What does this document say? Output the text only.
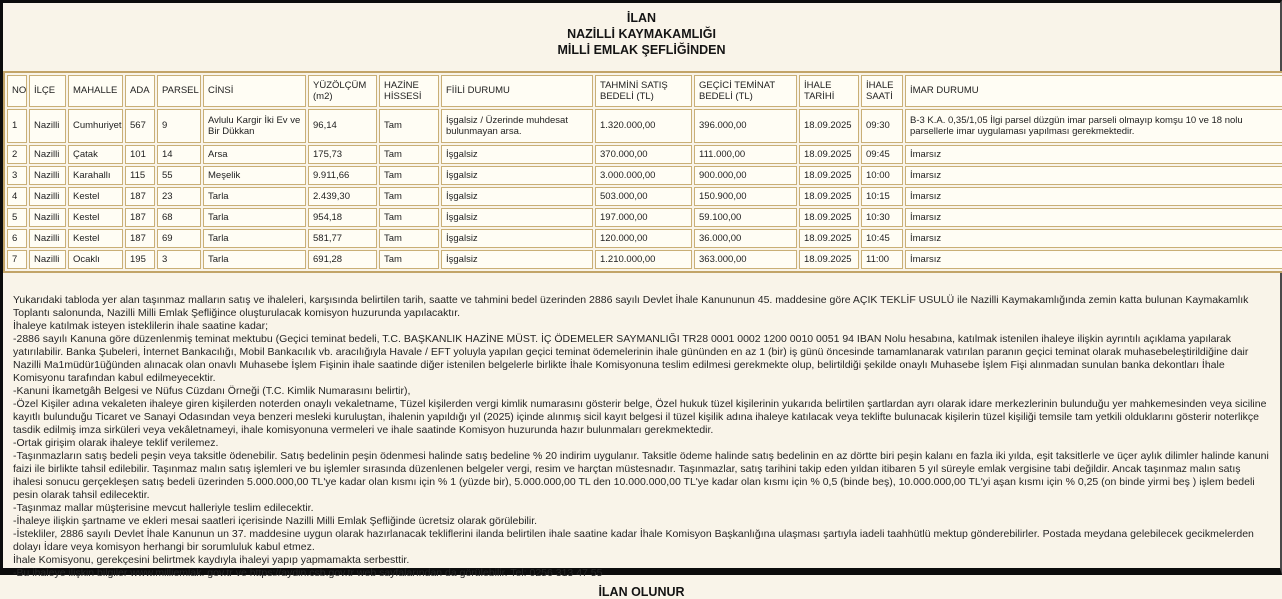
İLAN
NAZİLLİ KAYMAKAMLIĞI
MİLLİ EMLAK ŞEFLİĞİNDEN
NO	İLÇE	MAHALLE	ADA	PARSEL	CİNSİ	YÜZÖLÇÜM (m2)	HAZİNE HİSSESİ	FİİLİ DURUMU	TAHMİNİ SATIŞ BEDELİ (TL)	GEÇİCİ TEMİNAT BEDELİ (TL)	İHALE TARİHİ	İHALE SAATİ	İMAR DURUMU
1	Nazilli	Cumhuriyet	567	9	Avlulu Kargir İki Ev ve Bir Dükkan	96,14	Tam	İşgalsiz / Üzerinde muhdesat bulunmayan arsa.	1.320.000,00	396.000,00	18.09.2025	09:30	B-3 K.A. 0,35/1,05 İlgi parsel düzgün imar parseli olmayıp komşu 10 ve 18 nolu parsellerle imar uygulaması yapılması gerekmektedir.
2	Nazilli	Çatak	101	14	Arsa	175,73	Tam	İşgalsiz	370.000,00	111.000,00	18.09.2025	09:45	İmarsız
3	Nazilli	Karahallı	115	55	Meşelik	9.911,66	Tam	İşgalsiz	3.000.000,00	900.000,00	18.09.2025	10:00	İmarsız
4	Nazilli	Kestel	187	23	Tarla	2.439,30	Tam	İşgalsiz	503.000,00	150.900,00	18.09.2025	10:15	İmarsız
5	Nazilli	Kestel	187	68	Tarla	954,18	Tam	İşgalsiz	197.000,00	59.100,00	18.09.2025	10:30	İmarsız
6	Nazilli	Kestel	187	69	Tarla	581,77	Tam	İşgalsiz	120.000,00	36.000,00	18.09.2025	10:45	İmarsız
7	Nazilli	Ocaklı	195	3	Tarla	691,28	Tam	İşgalsiz	1.210.000,00	363.000,00	18.09.2025	11:00	İmarsız

Yukarıdaki tabloda yer alan taşınmaz malların satış ve ihaleleri, karşısında belirtilen tarih, saatte ve tahmini bedel üzerinden 2886 sayılı Devlet İhale Kanununun 45. maddesine göre AÇIK TEKLİF USULÜ ile Nazilli Kaymakamlığında zemin katta bulunan Kaymakamlık Toplantı salonunda, Nazilli Milli Emlak Şefliğince oluşturulacak komisyon huzurunda yapılacaktır.

İhaleye katılmak isteyen isteklilerin ihale saatine kadar;

-2886 sayılı Kanuna göre düzenlenmiş teminat mektubu (Geçici teminat bedeli, T.C. BAŞKANLIK HAZİNE MÜST. İÇ ÖDEMELER SAYMANLIĞI TR28 0001 0002 1200 0010 0051 94 IBAN Nolu hesabına, katılmak istenilen ihaleye ilişkin ayrıntılı açıklama yapılarak yatırılabilir. Banka Şubeleri, İnternet Bankacılığı, Mobil Bankacılık vb. aracılığıyla Havale / EFT yoluyla yapılan geçici teminat ödemelerinin ihale gününden en az 1 (bir) iş günü öncesinde tamamlanarak vatırılan paranın geçici teminat olarak muhasebeleştirildiğine dair Nazilli Ma1müdür1üğünden alınacak olan onavlı Muhasebe İşlem Fişinin ihale saatinde diğer istenilen belgelerle birlikte İhale Komisyonuna teslim edilmesi gerekmekte olup, belirtildiği şekilde onaylı Muhasebe İşlem Fişi alınmadan sunulan banka dekontları İhale Komisyonu tarafından kabul edilmeyecektir.

-Kanuni İkametgâh Belgesi ve Nüfus Cüzdanı Örneği (T.C. Kimlik Numarasını belirtir),

-Özel Kişiler adına vekaleten ihaleye giren kişilerden noterden onaylı vekaletname, Tüzel kişilerden vergi kimlik numarasını gösterir belge, Özel hukuk tüzel kişilerinin yukarıda belirtilen şartlardan ayrı olarak idare merkezlerinin bulunduğu yer mahkemesinden veya siciline kayıtlı bulunduğu Ticaret ve Sanayi Odasından veya benzeri mesleki kuruluştan, ihalenin yapıldığı yıl (2025) içinde alınmış sicil kayıt belgesi il tüzel kişilik adına ihaleye katılacak veya teklifte bulunacak kişilerin tüzel kişiliği temsile tam yetkili olduklarını gösterir noterlikçe tasdik edilmiş imza sirküleri veya vekâletnameyi, ihale komisyonuna vermeleri ve ihale saatinde Komisyon huzurunda hazır bulunmaları gerekmektedir.

-Ortak girişim olarak ihaleye teklif verilemez.

-Taşınmazların satış bedeli peşin veya taksitle ödenebilir. Satış bedelinin peşin ödenmesi halinde satış bedeline % 20 indirim uygulanır. Taksitle ödeme halinde satış bedelinin en az dörtte biri peşin kalanı en fazla iki yılda, eşit taksitlerle ve üçer aylık dilimler halinde kanuni faizi ile birlikte tahsil edilebilir. Taşınmaz malın satış işlemleri ve bu işlemler sırasında düzenlenen belgeler vergi, resim ve harçtan müstesnadır. Taşınmazlar, satış tarihini takip eden yıldan itibaren 5 yıl süreyle emlak vergisine tabi değildir. Ancak taşınmaz malın satış ihalesi sonucu gerçekleşen satış bedeli üzerinden 5.000.000,00 TL'ye kadar olan kısmı için % 1 (yüzde bir), 5.000.000,00 TL den 10.000.000,00 TL'ye kadar olan kısmı için % 0,5 (binde beş), 10.000.000,00 TL'yi aşan kısmı için % 0,25 (on binde yirmi beş ) işlem bedeli pesin olarak tahsil edilecektir.

-Taşınmaz mallar müşterisine mevcut halleriyle teslim edilecektir.

-İhaleye ilişkin şartname ve ekleri mesai saatleri içerisinde Nazilli Milli Emlak Şefliğinde ücretsiz olarak görülebilir.

-İstekliler, 2886 sayılı Devlet İhale Kanunun un 37. maddesine uygun olarak hazırlanacak tekliflerini ilanda belirtilen ihale saatine kadar İhale Komisyon Başkanlığına ulaşması şartıyla iadeli taahhütlü mektup gönderebilirler. Postada meydana gelebilecek gecikmelerden dolayı İdare veya komisyon herhangi bir sorumluluk kabul etmez.

İhale Komisyonu, gerekçesini belirtmek kaydıyla ihaleyi yapıp yapmamakta serbesttir.

-Bu ihaleye ilişkin bilgiler www.milliemlak. gov.tr ve https://aydin.csb.gov.tr web sayfalarından da görülebilir. Tel: 0256 313 47 55

İLAN OLUNUR
